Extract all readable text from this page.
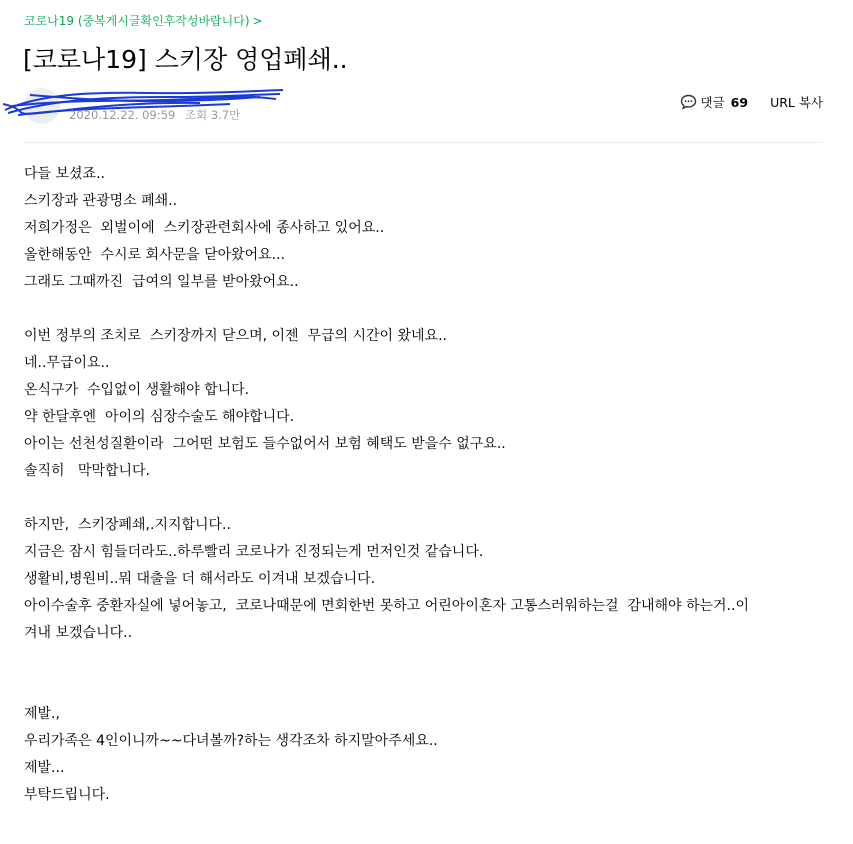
코로나19 (중복게시글확인후작성바랍니다) >
[코로나19] 스키장 영업폐쇄..
2020.12.22. 09:59 조회 3.7만
댓글 69 URL 복사

다들 보셨죠..

스키장과 관광명소 폐쇄..

저희가정은  외벌이에  스키장관련회사에 종사하고 있어요..

올한해동안  수시로 회사문을 닫아왔어요...

그래도 그때까진  급여의 일부를 받아왔어요..

이번 정부의 조치로  스키장까지 닫으며, 이젠  무급의 시간이 왔네요..

네..무급이요..

온식구가  수입없이 생활해야 합니다.

약 한달후엔  아이의 심장수술도 해야합니다.

아이는 선천성질환이라  그어떤 보험도 들수없어서 보험 혜택도 받을수 없구요..

솔직히   막막합니다.

하지만,  스키장폐쇄,.지지합니다..

지금은 잠시 힘들더라도..하루빨리 코로나가 진정되는게 먼저인것 같습니다.

생활비,병원비..뭐 대출을 더 해서라도 이겨내 보겠습니다.

아이수술후 중환자실에 넣어놓고,  코로나때문에 면회한번 못하고 어린아이혼자 고통스러워하는걸  감내해야 하는거..이

겨내 보겠습니다..

제발.,

우리가족은 4인이니까~~다녀볼까?하는 생각조차 하지말아주세요..

제발...

부탁드립니다.
